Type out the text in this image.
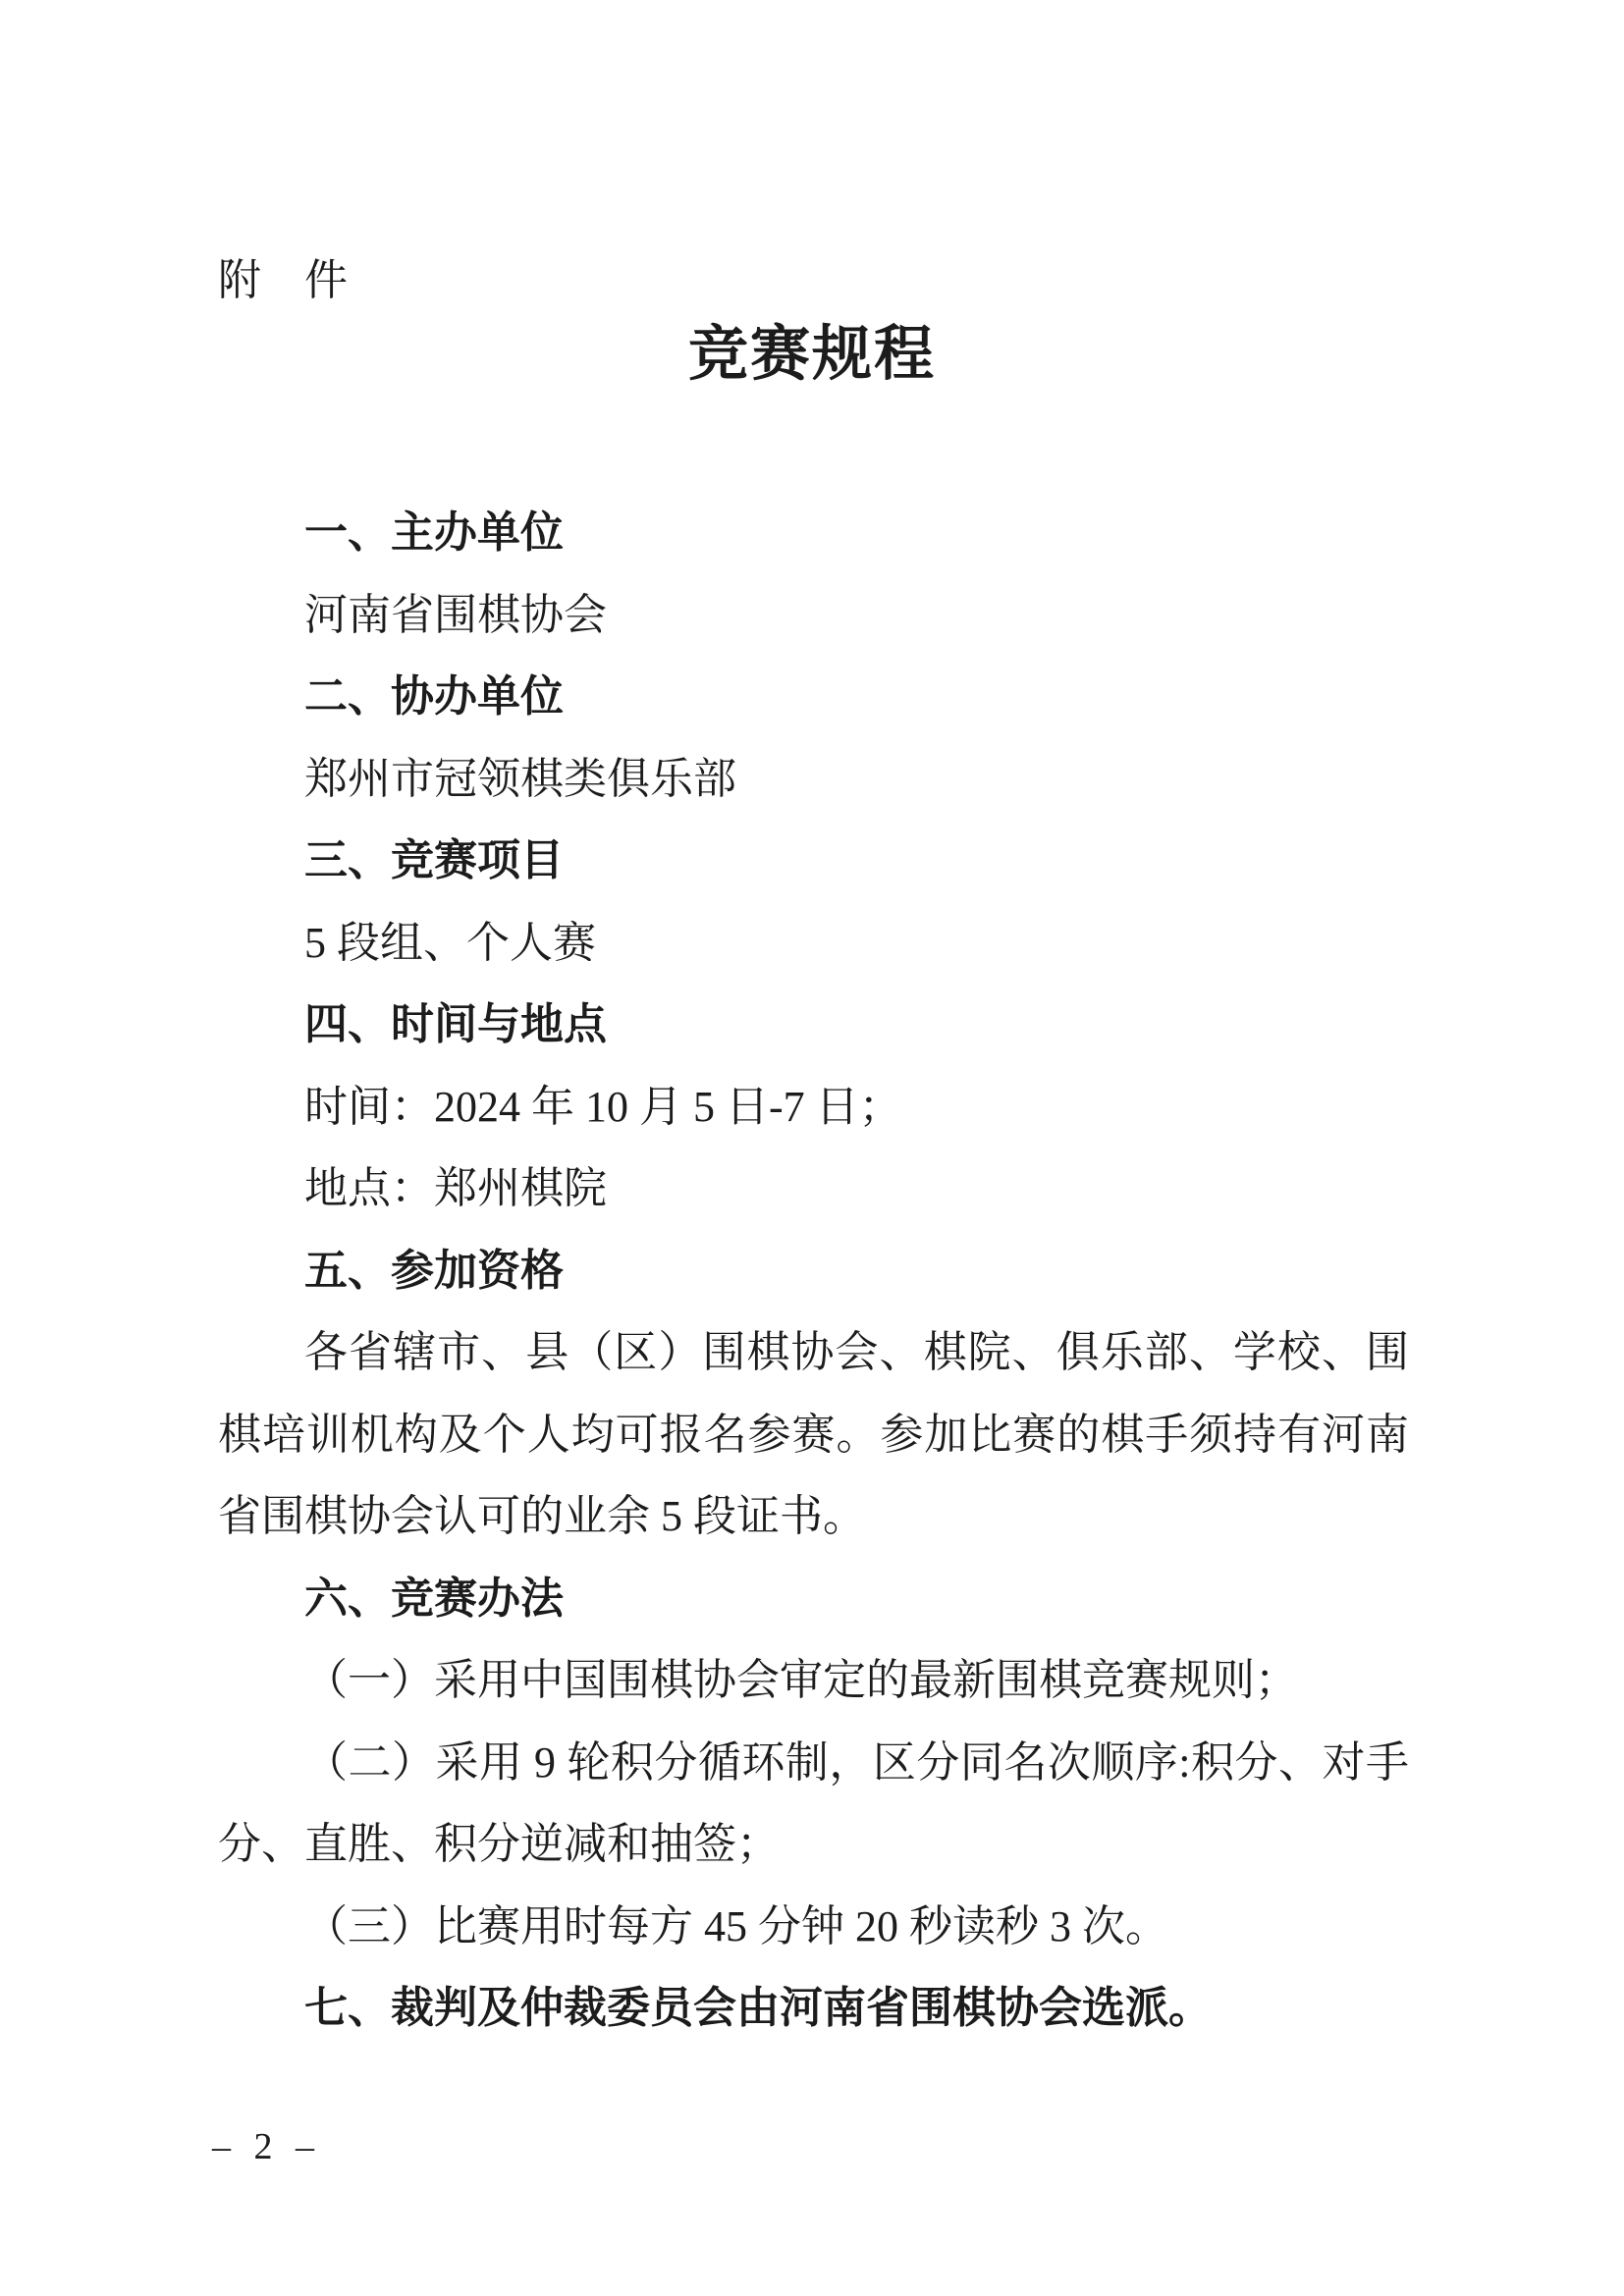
附　件
竞赛规程
一、主办单位
河南省围棋协会
二、协办单位
郑州市冠领棋类俱乐部
三、竞赛项目
5 段组、个人赛
四、时间与地点
时间：2024 年 10 月 5 日-7 日；
地点：郑州棋院
五、参加资格
各省辖市、县（区）围棋协会、棋院、俱乐部、学校、围
棋培训机构及个人均可报名参赛。参加比赛的棋手须持有河南
省围棋协会认可的业余 5 段证书。
六、竞赛办法
（一）采用中国围棋协会审定的最新围棋竞赛规则；
（二）采用 9 轮积分循环制，区分同名次顺序:积分、对手
分、直胜、积分逆减和抽签；
（三）比赛用时每方 45 分钟 20 秒读秒 3 次。
七、裁判及仲裁委员会由河南省围棋协会选派。
– 2 –
